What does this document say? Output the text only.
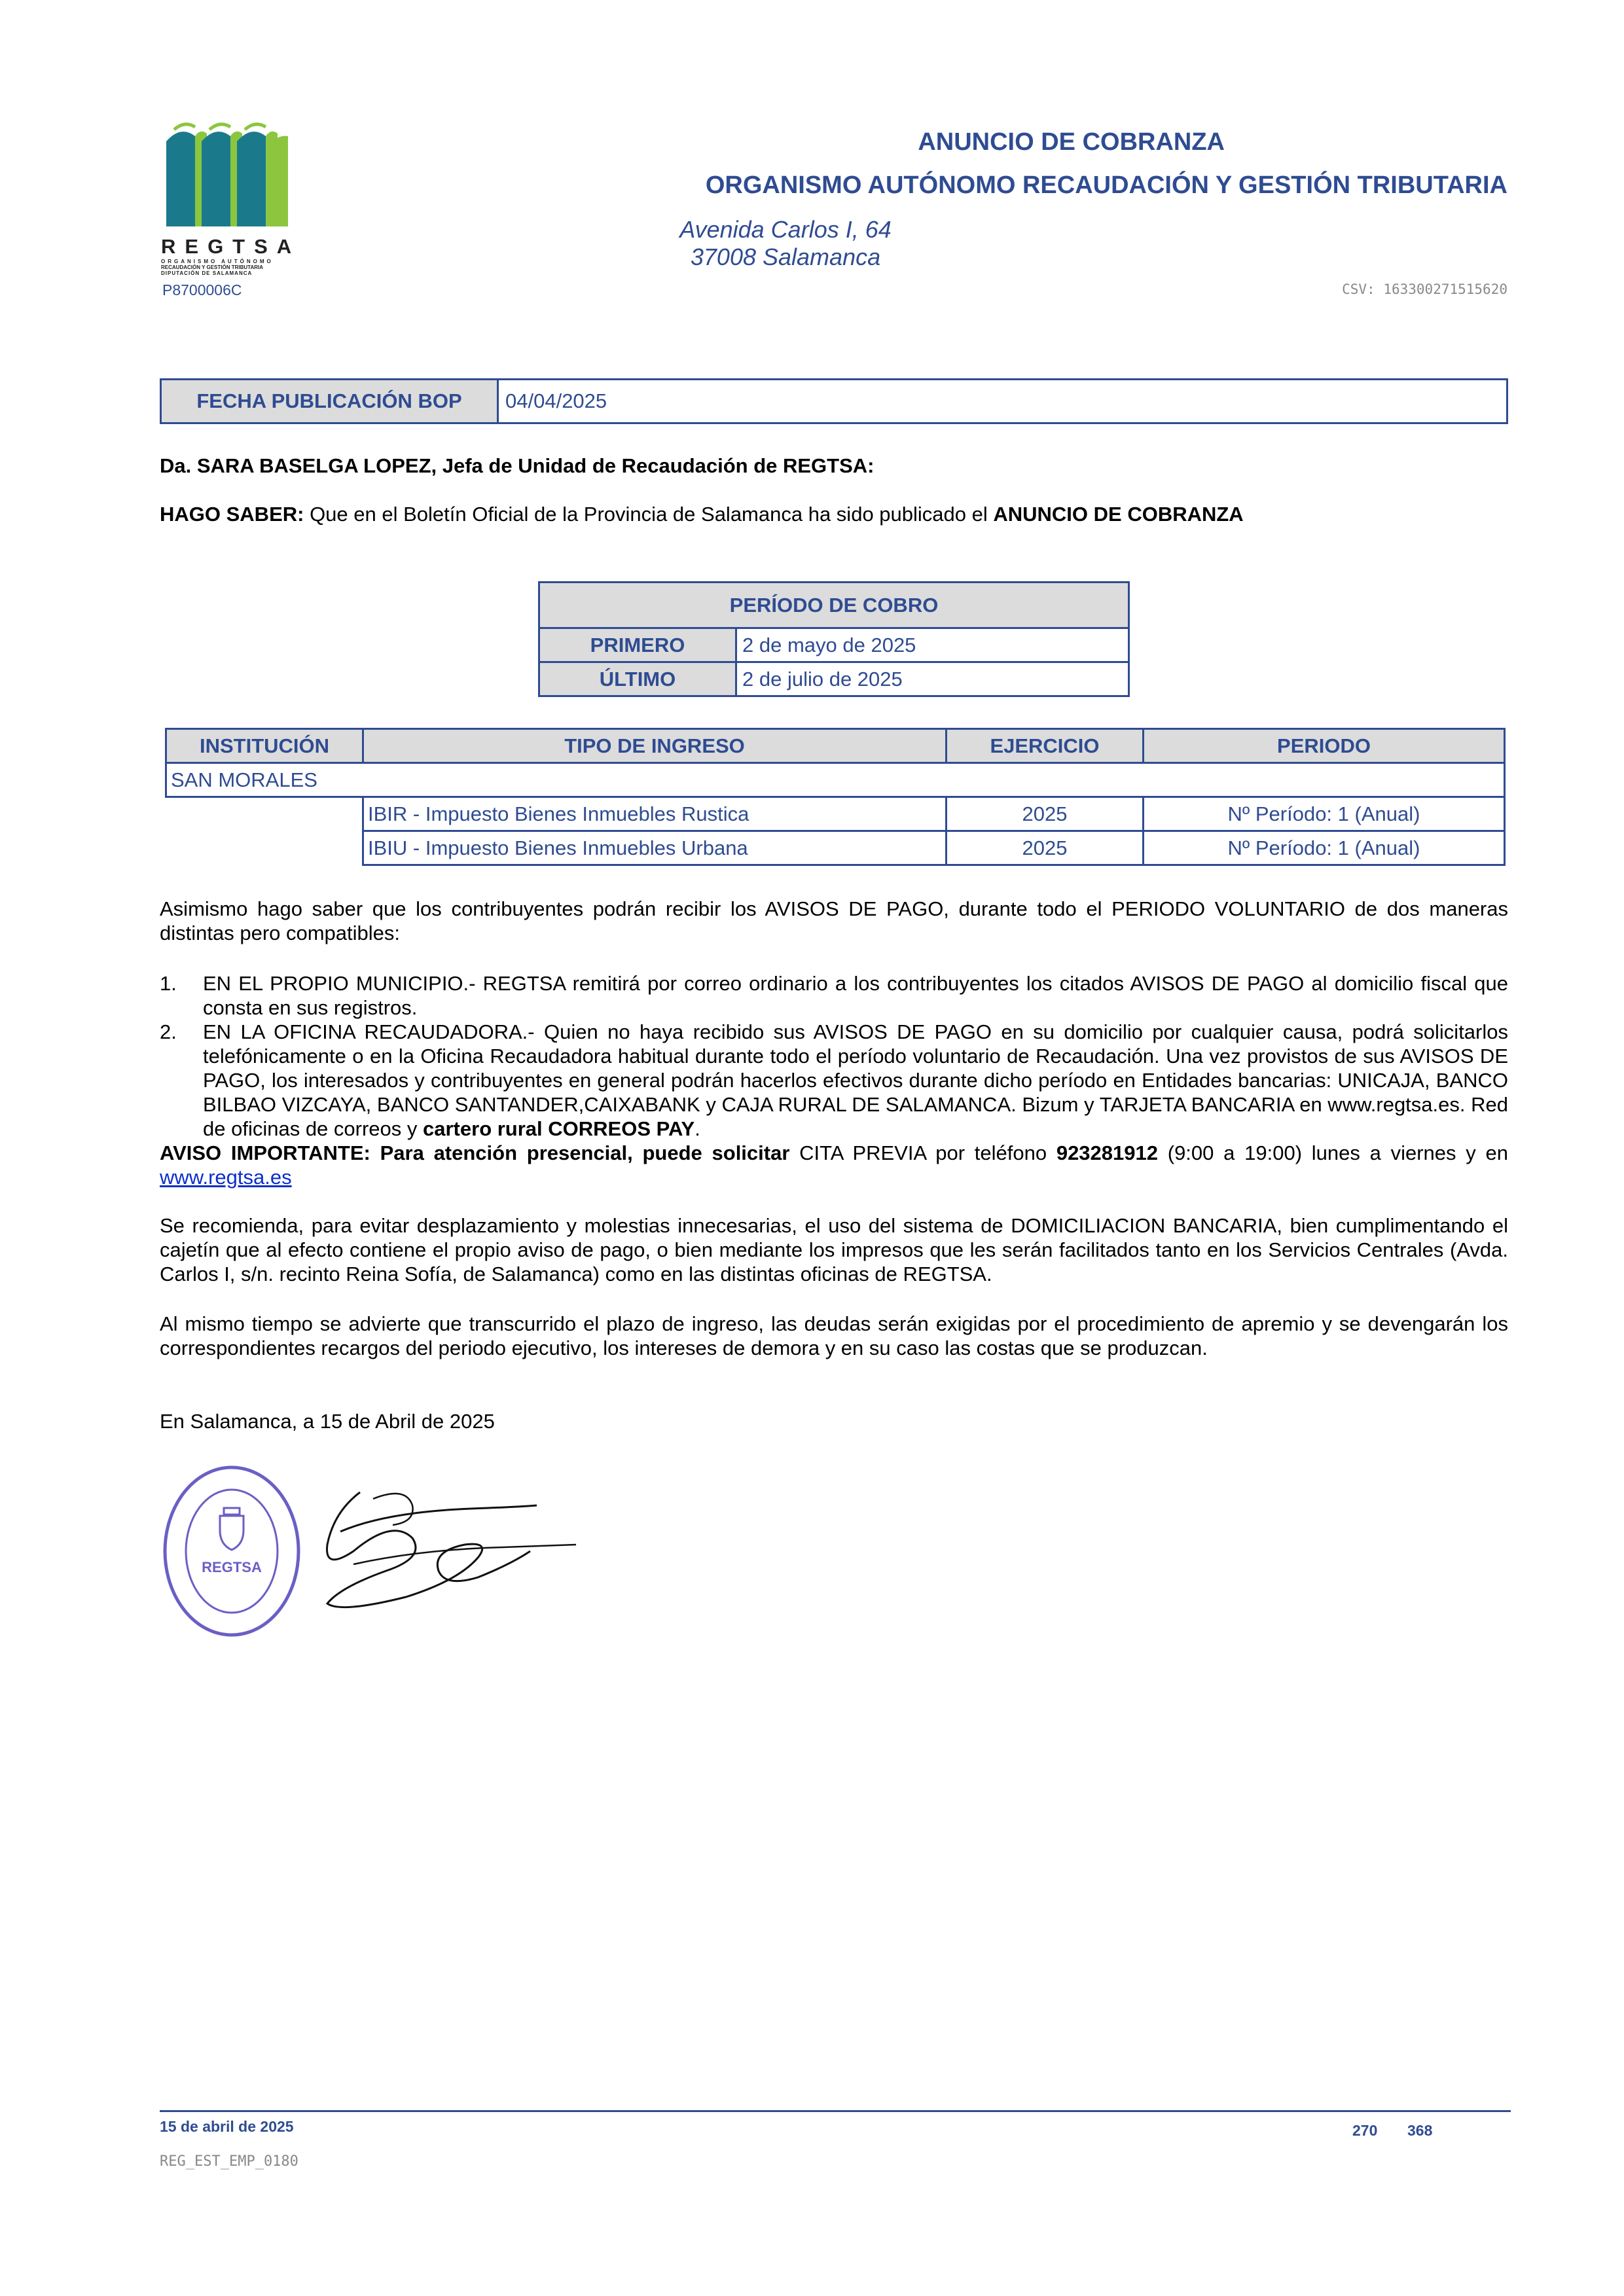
REGTSA
ORGANISMO AUTÓNOMO
RECAUDACIÓN Y GESTIÓN TRIBUTARIA
DIPUTACIÓN DE SALAMANCA
P8700006C
ANUNCIO DE COBRANZA
ORGANISMO AUTÓNOMO RECAUDACIÓN Y GESTIÓN TRIBUTARIA
Avenida Carlos I, 64
37008 Salamanca
CSV: 163300271515620
FECHA PUBLICACIÓN BOP	04/04/2025
Da. SARA BASELGA LOPEZ, Jefa de Unidad de Recaudación de REGTSA:
HAGO SABER: Que en el Boletín Oficial de la Provincia de Salamanca ha sido publicado el ANUNCIO DE COBRANZA
PERÍODO DE COBRO	
PRIMERO	2 de mayo de 2025
ÚLTIMO	2 de julio de 2025
INSTITUCIÓN	TIPO DE INGRESO	EJERCICIO	PERIODO
SAN MORALES			
	IBIR - Impuesto Bienes Inmuebles Rustica	2025	Nº Período: 1 (Anual)
	IBIU - Impuesto Bienes Inmuebles Urbana	2025	Nº Período: 1 (Anual)
Asimismo hago saber que los contribuyentes podrán recibir los AVISOS DE PAGO, durante todo el PERIODO VOLUNTARIO de dos maneras distintas pero compatibles:
1.	EN EL PROPIO MUNICIPIO.- REGTSA remitirá por correo ordinario a los contribuyentes los citados AVISOS DE PAGO al domicilio fiscal que consta en sus registros.
2.	EN LA OFICINA RECAUDADORA.- Quien no haya recibido sus AVISOS DE PAGO en su domicilio por cualquier causa, podrá solicitarlos telefónicamente o en la Oficina Recaudadora habitual durante todo el período voluntario de Recaudación. Una vez provistos de sus AVISOS DE PAGO, los interesados y contribuyentes en general podrán hacerlos efectivos durante dicho período en Entidades bancarias: UNICAJA, BANCO BILBAO VIZCAYA, BANCO SANTANDER,CAIXABANK y CAJA RURAL DE SALAMANCA. Bizum y TARJETA BANCARIA en www.regtsa.es. Red de oficinas de correos y cartero rural CORREOS PAY.
AVISO IMPORTANTE: Para atención presencial, puede solicitar CITA PREVIA por teléfono 923281912 (9:00 a 19:00) lunes a viernes y en www.regtsa.es
Se recomienda, para evitar desplazamiento y molestias innecesarias, el uso del sistema de DOMICILIACION BANCARIA, bien cumplimentando el cajetín que al efecto contiene el propio aviso de pago, o bien mediante los impresos que les serán facilitados tanto en los Servicios Centrales (Avda. Carlos I, s/n. recinto Reina Sofía, de Salamanca) como en las distintas oficinas de REGTSA.
Al mismo tiempo se advierte que transcurrido el plazo de ingreso, las deudas serán exigidas por el procedimiento de apremio y se devengarán los correspondientes recargos del periodo ejecutivo, los intereses de demora y en su caso las costas que se produzcan.
En Salamanca, a 15 de Abril de 2025
REGTSA
15 de abril de 2025	270 368
REG_EST_EMP_0180
